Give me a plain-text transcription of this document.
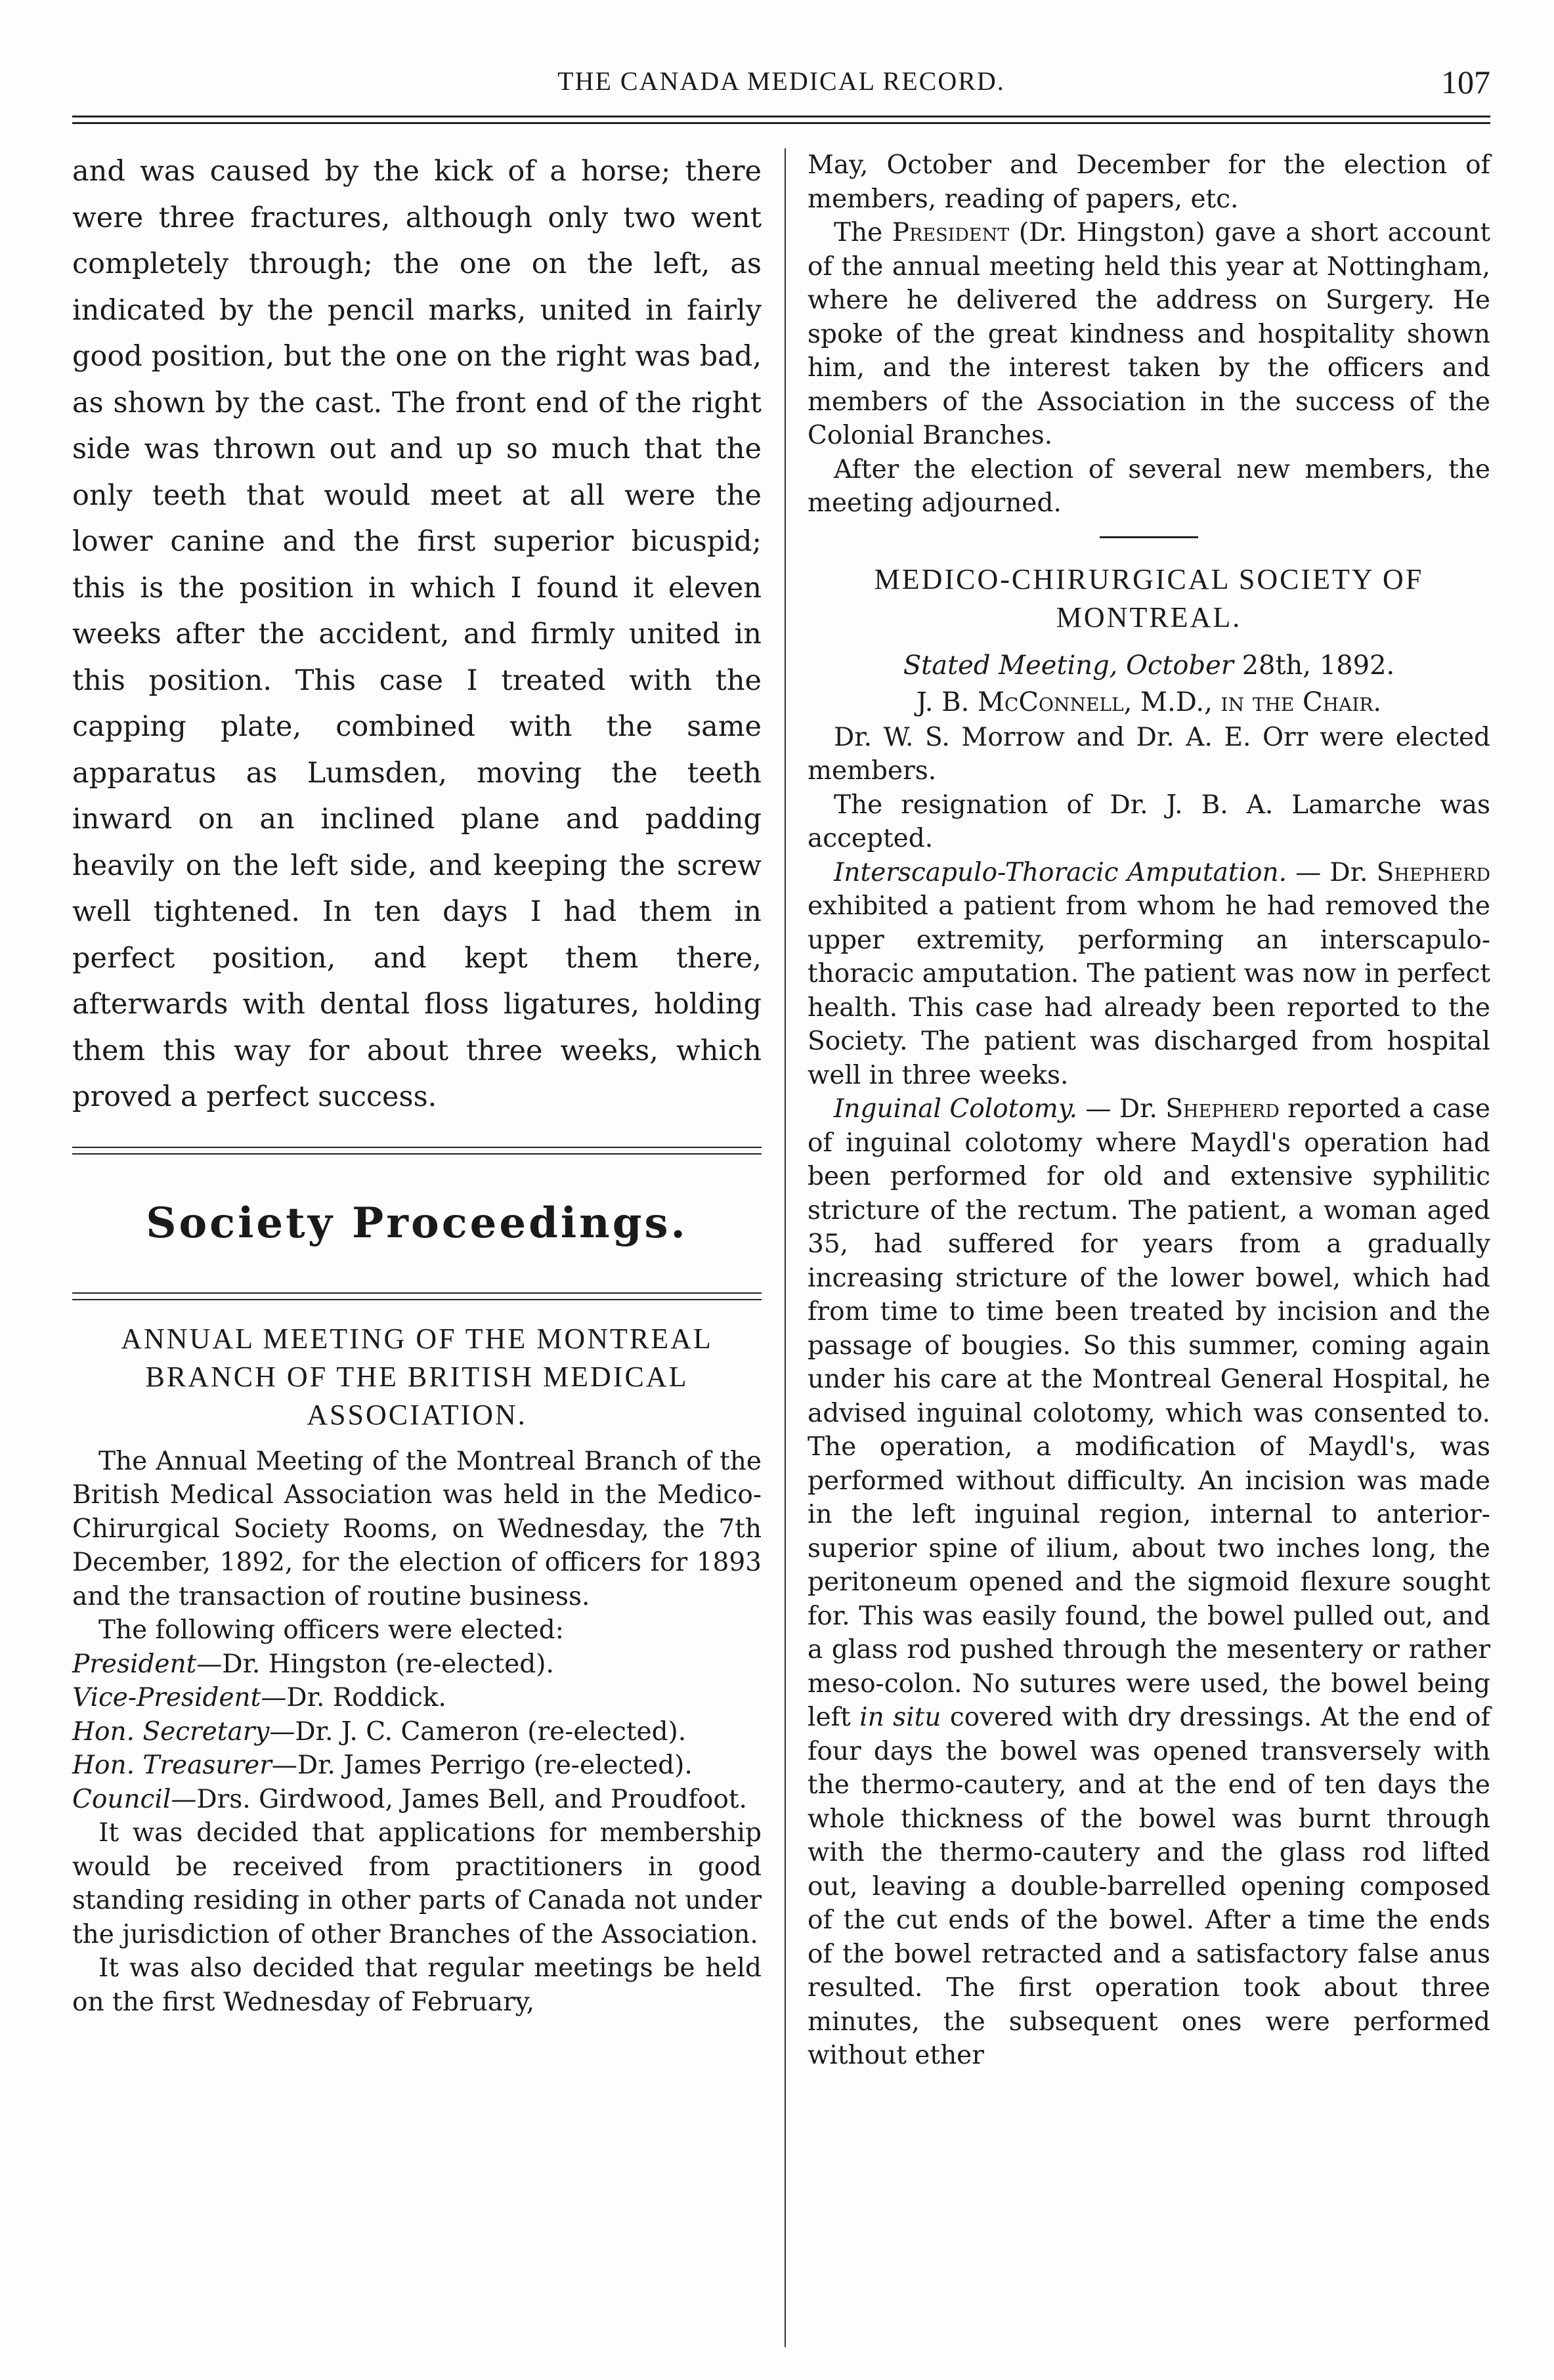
THE CANADA MEDICAL RECORD.	107

and was caused by the kick of a horse; there were three fractures, although only two went completely through; the one on the left, as indicated by the pencil marks, united in fairly good position, but the one on the right was bad, as shown by the cast. The front end of the right side was thrown out and up so much that the only teeth that would meet at all were the lower canine and the first superior bicuspid; this is the position in which I found it eleven weeks after the accident, and firmly united in this position. This case I treated with the capping plate, combined with the same apparatus as Lumsden, moving the teeth inward on an inclined plane and padding heavily on the left side, and keeping the screw well tightened. In ten days I had them in perfect position, and kept them there, afterwards with dental floss ligatures, holding them this way for about three weeks, which proved a perfect success.

Society Proceedings.
ANNUAL MEETING OF THE MONTREAL BRANCH OF THE BRITISH MEDICAL ASSOCIATION.

The Annual Meeting of the Montreal Branch of the British Medical Association was held in the Medico-Chirurgical Society Rooms, on Wednesday, the 7th December, 1892, for the election of officers for 1893 and the transaction of routine business.

The following officers were elected:

President—Dr. Hingston (re-elected).

Vice-President—Dr. Roddick.

Hon. Secretary—Dr. J. C. Cameron (re-elected).

Hon. Treasurer—Dr. James Perrigo (re-elected).

Council—Drs. Girdwood, James Bell, and Proudfoot.

It was decided that applications for membership would be received from practitioners in good standing residing in other parts of Canada not under the jurisdiction of other Branches of the Association.

It was also decided that regular meetings be held on the first Wednesday of February,

May, October and December for the election of members, reading of papers, etc.

The President (Dr. Hingston) gave a short account of the annual meeting held this year at Nottingham, where he delivered the address on Surgery. He spoke of the great kindness and hospitality shown him, and the interest taken by the officers and members of the Association in the success of the Colonial Branches.

After the election of several new members, the meeting adjourned.

MEDICO-CHIRURGICAL SOCIETY OF MONTREAL.
Stated Meeting, October 28th, 1892.
J. B. McConnell, M.D., in the Chair.

Dr. W. S. Morrow and Dr. A. E. Orr were elected members.

The resignation of Dr. J. B. A. Lamarche was accepted.

Interscapulo-Thoracic Amputation. — Dr. Shepherd exhibited a patient from whom he had removed the upper extremity, performing an interscapulo-thoracic amputation. The patient was now in perfect health. This case had already been reported to the Society. The patient was discharged from hospital well in three weeks.

Inguinal Colotomy. — Dr. Shepherd reported a case of inguinal colotomy where Maydl's operation had been performed for old and extensive syphilitic stricture of the rectum. The patient, a woman aged 35, had suffered for years from a gradually increasing stricture of the lower bowel, which had from time to time been treated by incision and the passage of bougies. So this summer, coming again under his care at the Montreal General Hospital, he advised inguinal colotomy, which was consented to. The operation, a modification of Maydl's, was performed without difficulty. An incision was made in the left inguinal region, internal to anterior-superior spine of ilium, about two inches long, the peritoneum opened and the sigmoid flexure sought for. This was easily found, the bowel pulled out, and a glass rod pushed through the mesentery or rather meso-colon. No sutures were used, the bowel being left in situ covered with dry dressings. At the end of four days the bowel was opened transversely with the thermo-cautery, and at the end of ten days the whole thickness of the bowel was burnt through with the thermo-cautery and the glass rod lifted out, leaving a double-barrelled opening composed of the cut ends of the bowel. After a time the ends of the bowel retracted and a satisfactory false anus resulted. The first operation took about three minutes, the subsequent ones were performed without ether
